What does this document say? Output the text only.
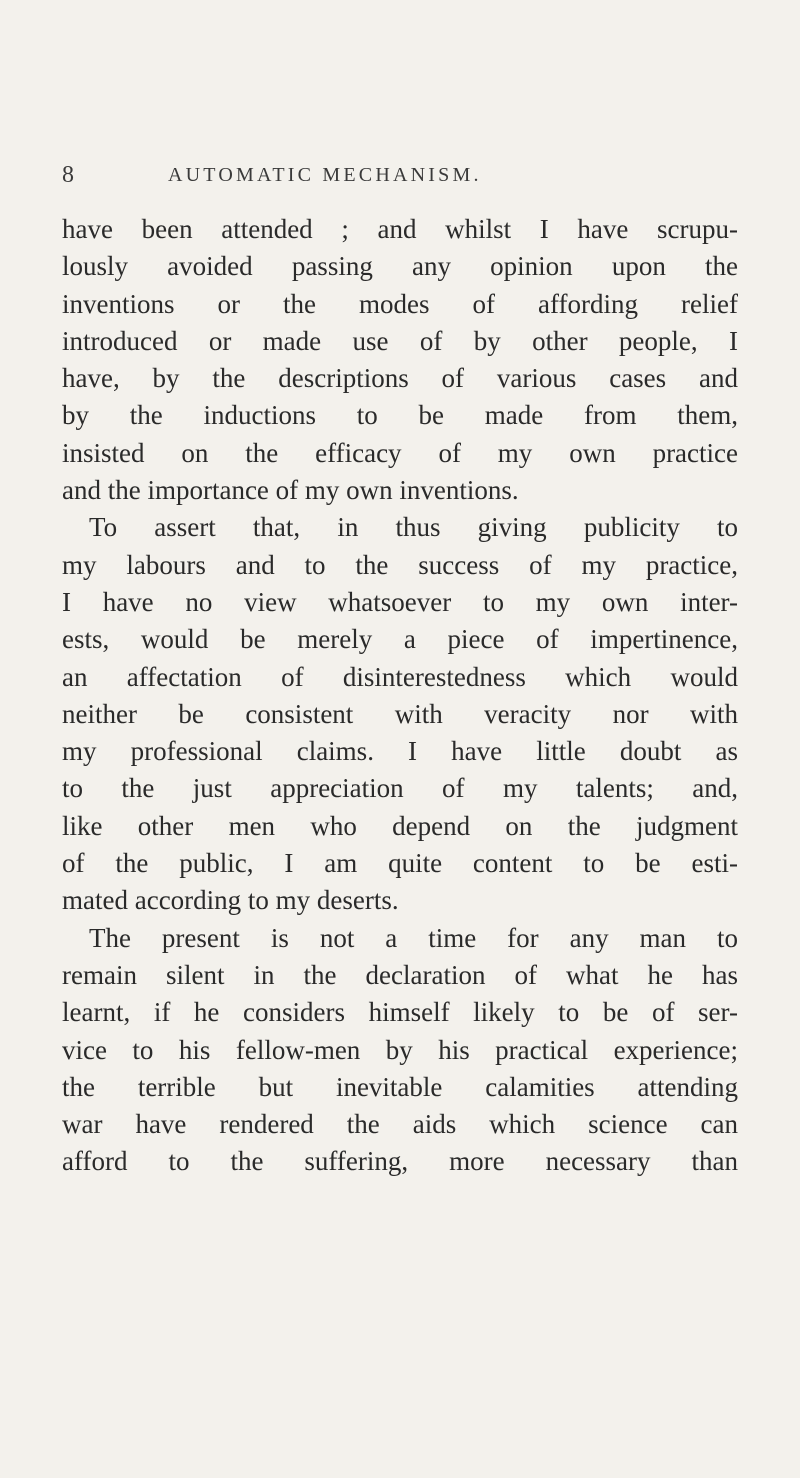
8	AUTOMATIC MECHANISM.
have been attended ; and whilst I have scrupu-
lously avoided passing any opinion upon the
inventions or the modes of affording relief
introduced or made use of by other people, I
have, by the descriptions of various cases and
by the inductions to be made from them,
insisted on the efficacy of my own practice
and the importance of my own inventions.
To assert that, in thus giving publicity to
my labours and to the success of my practice,
I have no view whatsoever to my own inter-
ests, would be merely a piece of impertinence,
an affectation of disinterestedness which would
neither be consistent with veracity nor with
my professional claims. I have little doubt as
to the just appreciation of my talents; and,
like other men who depend on the judgment
of the public, I am quite content to be esti-
mated according to my deserts.
The present is not a time for any man to
remain silent in the declaration of what he has
learnt, if he considers himself likely to be of ser-
vice to his fellow-men by his practical experience;
the terrible but inevitable calamities attending
war have rendered the aids which science can
afford to the suffering, more necessary than
